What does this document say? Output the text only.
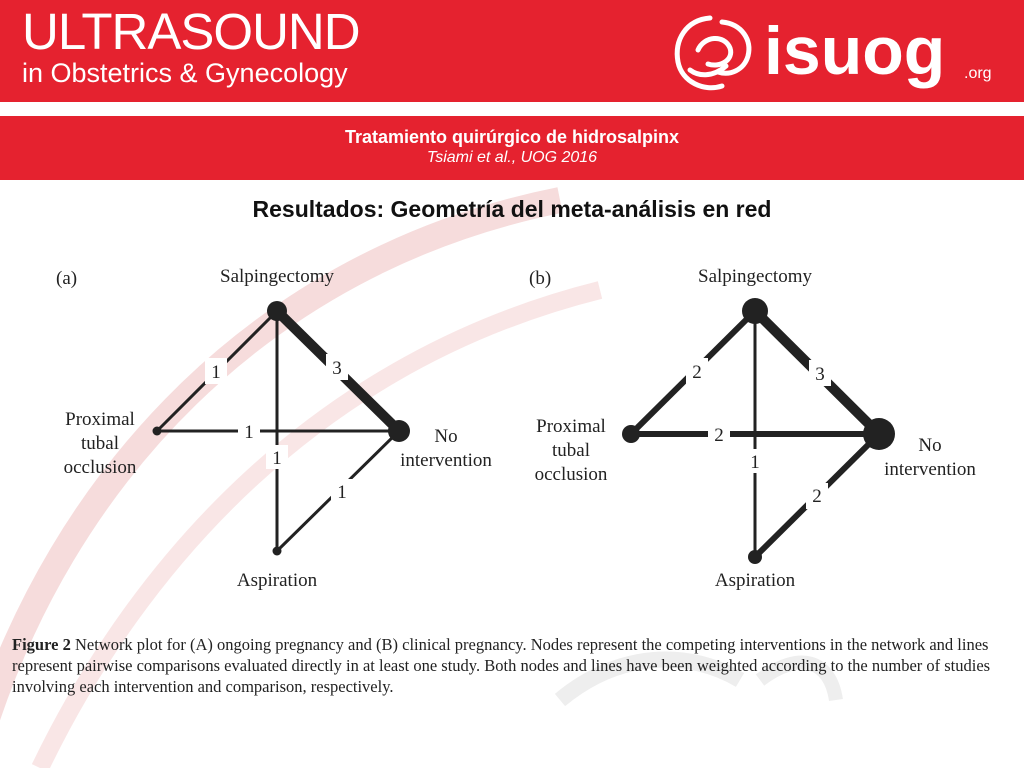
ULTRASOUND
in Obstetrics & Gynecology	isuog .org
Tratamiento quirúrgico de hidrosalpinx
Tsiami et al., UOG 2016
Resultados: Geometría del meta-análisis en red
(a)
1	3
1
1
1
Salpingectomy
Proximal
tubal
occlusion
No
intervention
Aspiration
(b)
2	3
2
1
2
Salpingectomy
Proximal
tubal
occlusion
No
intervention
Aspiration
Figure 2 Network plot for (A) ongoing pregnancy and (B) clinical pregnancy. Nodes represent the competing interventions in the network and lines represent pairwise comparisons evaluated directly in at least one study. Both nodes and lines have been weighted according to the number of studies involving each intervention and comparison, respectively.
